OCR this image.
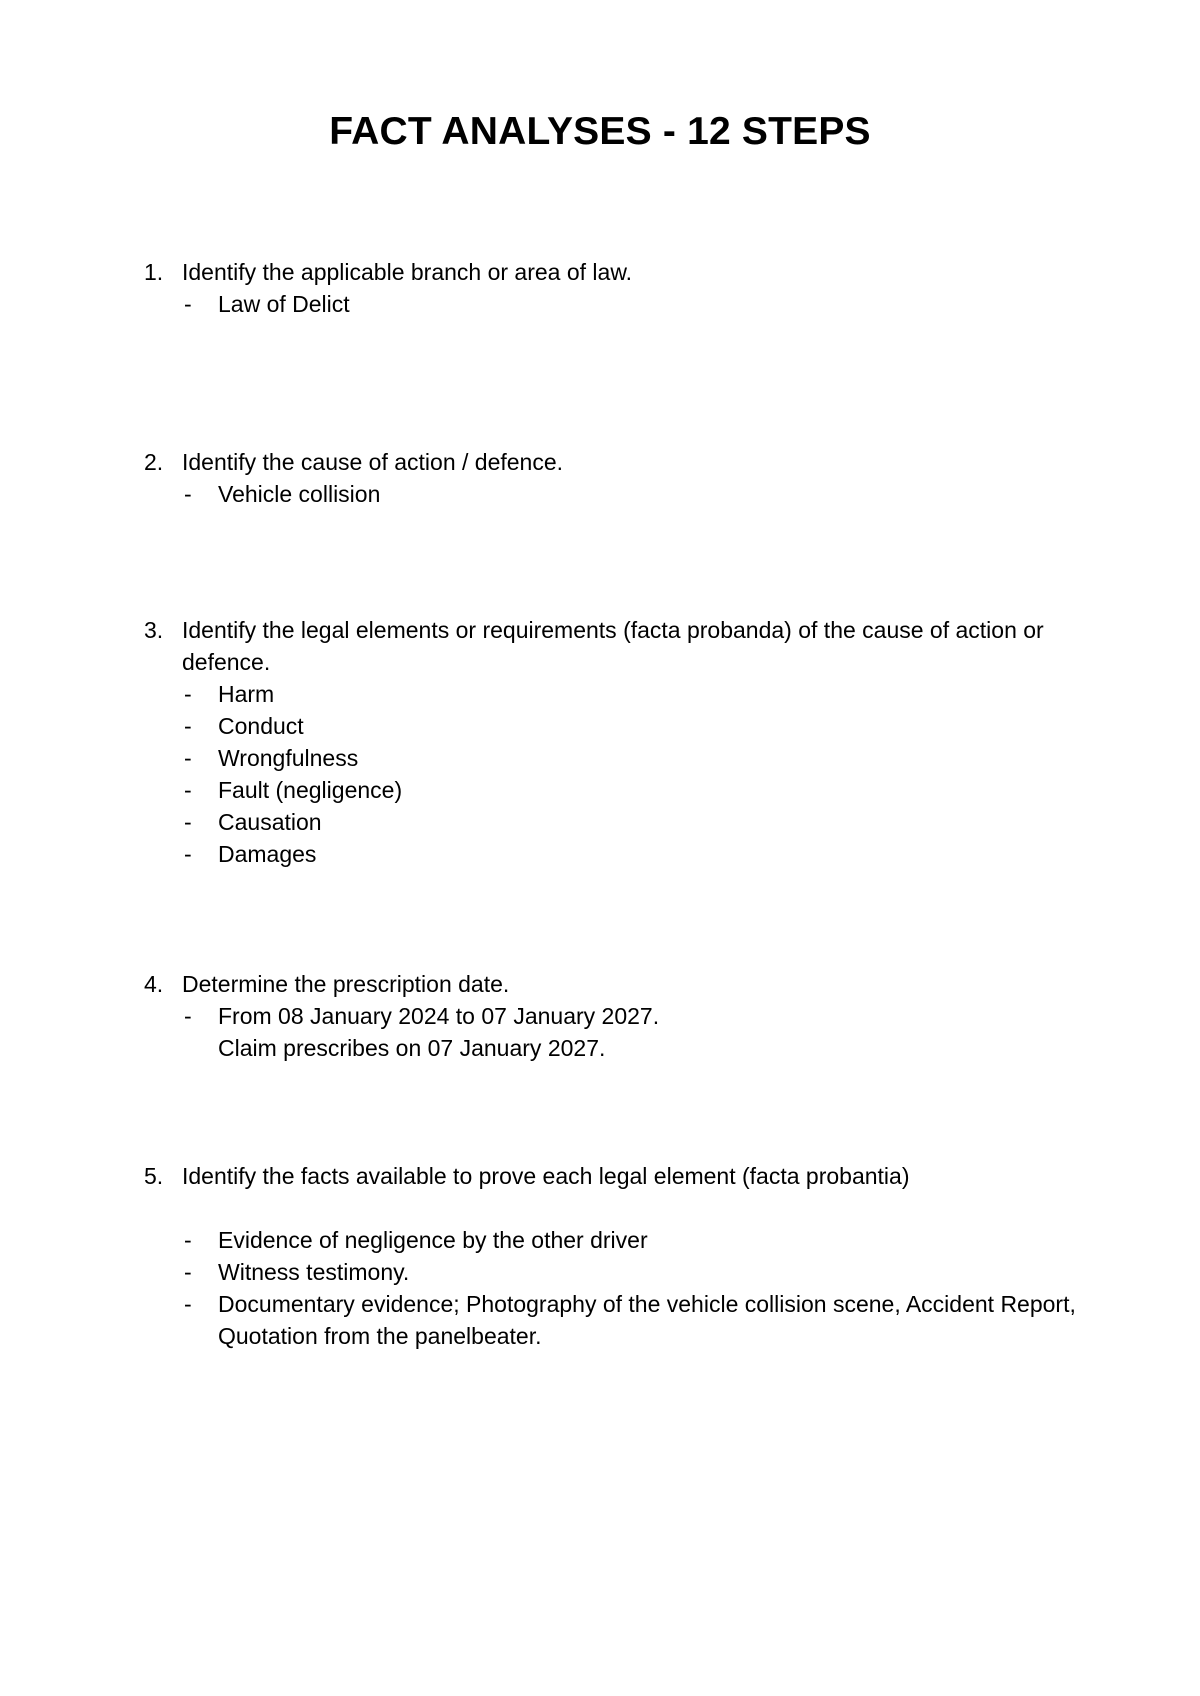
FACT ANALYSES - 12 STEPS
1. Identify the applicable branch or area of law.
- Law of Delict
2. Identify the cause of action / defence.
- Vehicle collision
3. Identify the legal elements or requirements (facta probanda) of the cause of action or defence.
- Harm
- Conduct
- Wrongfulness
- Fault (negligence)
- Causation
- Damages
4. Determine the prescription date.
- From 08 January 2024 to 07 January 2027.
Claim prescribes on 07 January 2027.
5. Identify the facts available to prove each legal element (facta probantia)
- Evidence of negligence by the other driver
- Witness testimony.
- Documentary evidence; Photography of the vehicle collision scene, Accident Report, Quotation from the panelbeater.
